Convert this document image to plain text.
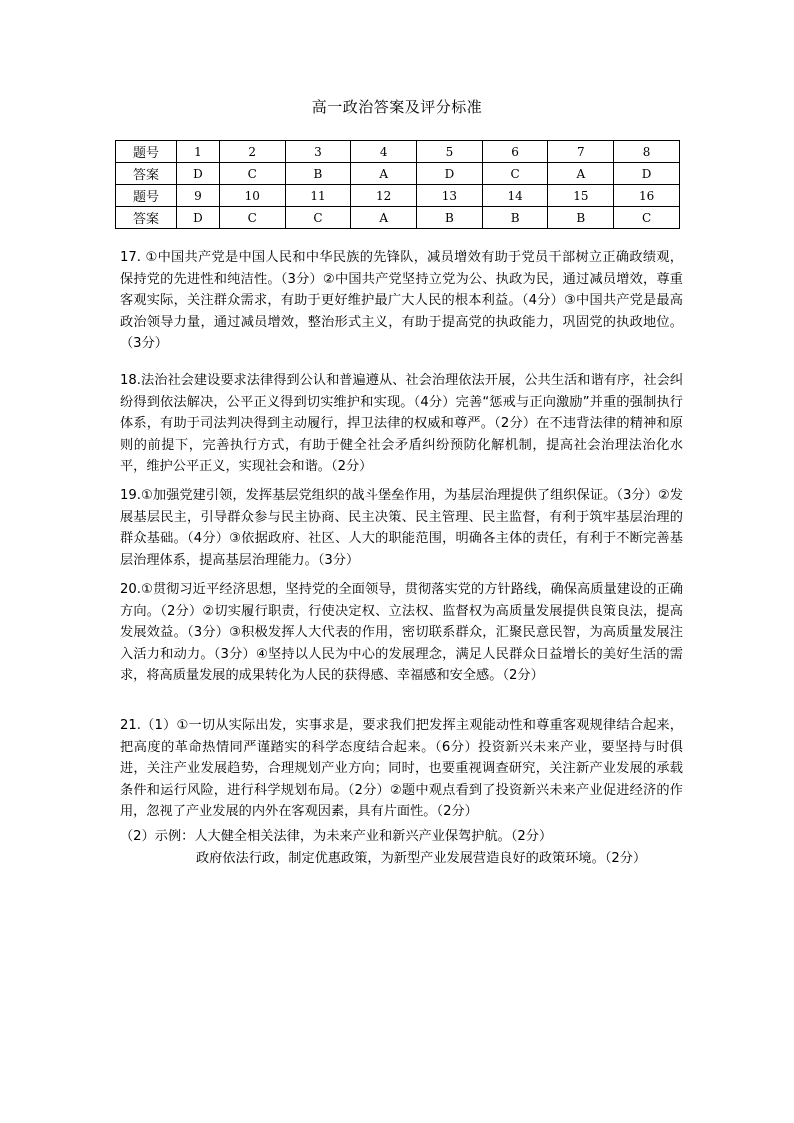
高一政治答案及评分标准
题号	1	2	3	4	5	6	7	8
答案	D	C	B	A	D	C	A	D
题号	9	10	11	12	13	14	15	16
答案	D	C	C	A	B	B	B	C

17. ①中国共产党是中国人民和中华民族的先锋队，减员增效有助于党员干部树立正确政绩观，保持党的先进性和纯洁性。（3分）②中国共产党坚持立党为公、执政为民，通过减员增效，尊重客观实际，关注群众需求，有助于更好维护最广大人民的根本利益。（4分）③中国共产党是最高政治领导力量，通过减员增效，整治形式主义，有助于提高党的执政能力，巩固党的执政地位。（3分）

18.法治社会建设要求法律得到公认和普遍遵从、社会治理依法开展，公共生活和谐有序，社会纠纷得到依法解决，公平正义得到切实维护和实现。（4分）完善“惩戒与正向激励”并重的强制执行体系，有助于司法判决得到主动履行，捍卫法律的权威和尊严。（2分）在不违背法律的精神和原则的前提下，完善执行方式，有助于健全社会矛盾纠纷预防化解机制，提高社会治理法治化水平，维护公平正义，实现社会和谐。（2分）

19.①加强党建引领，发挥基层党组织的战斗堡垒作用，为基层治理提供了组织保证。（3分）②发展基层民主，引导群众参与民主协商、民主决策、民主管理、民主监督，有利于筑牢基层治理的群众基础。（4分）③依据政府、社区、人大的职能范围，明确各主体的责任，有利于不断完善基层治理体系，提高基层治理能力。（3分）

20.①贯彻习近平经济思想，坚持党的全面领导，贯彻落实党的方针路线，确保高质量建设的正确方向。（2分）②切实履行职责，行使决定权、立法权、监督权为高质量发展提供良策良法，提高发展效益。（3分）③积极发挥人大代表的作用，密切联系群众，汇聚民意民智，为高质量发展注入活力和动力。（3分）④坚持以人民为中心的发展理念，满足人民群众日益增长的美好生活的需求，将高质量发展的成果转化为人民的获得感、幸福感和安全感。（2分）

21.（1）①一切从实际出发，实事求是，要求我们把发挥主观能动性和尊重客观规律结合起来，把高度的革命热情同严谨踏实的科学态度结合起来。（6分）投资新兴未来产业，要坚持与时俱进，关注产业发展趋势，合理规划产业方向；同时，也要重视调查研究，关注新产业发展的承载条件和运行风险，进行科学规划布局。（2分）②题中观点看到了投资新兴未来产业促进经济的作用，忽视了产业发展的内外在客观因素，具有片面性。（2分）

（2）示例：人大健全相关法律，为未来产业和新兴产业保驾护航。（2分）
政府依法行政，制定优惠政策，为新型产业发展营造良好的政策环境。（2分）
